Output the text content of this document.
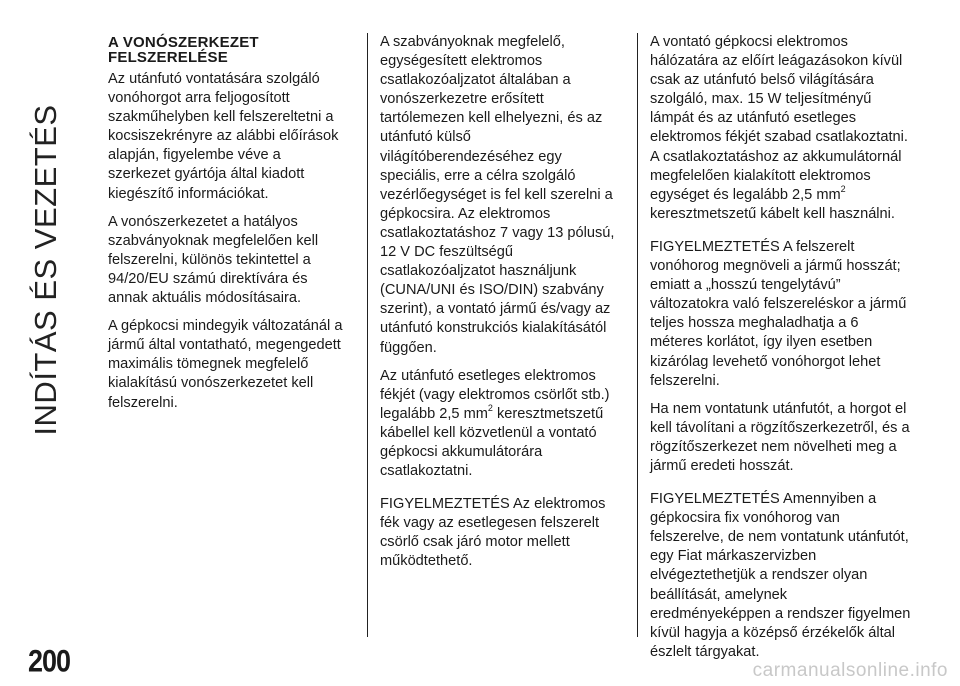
INDÍTÁS ÉS VEZETÉS
200
A VONÓSZERKEZET
FELSZERELÉSE

Az utánfutó vontatására szolgáló vonóhorgot arra feljogosított szakműhelyben kell felszereltetni a kocsiszekrényre az alábbi előírások alapján, figyelembe véve a szerkezet gyártója által kiadott kiegészítő információkat.

A vonószerkezetet a hatályos szabványoknak megfelelően kell felszerelni, különös tekintettel a 94/20/EU számú direktívára és annak aktuális módosításaira.

A gépkocsi mindegyik változatánál a jármű által vontatható, megengedett maximális tömegnek megfelelő kialakítású vonószerkezetet kell felszerelni.

A szabványoknak megfelelő, egységesített elektromos csatlakozóaljzatot általában a vonószerkezetre erősített tartólemezen kell elhelyezni, és az utánfutó külső világítóberendezéséhez egy speciális, erre a célra szolgáló vezérlőegységet is fel kell szerelni a gépkocsira. Az elektromos csatlakoztatáshoz 7 vagy 13 pólusú, 12 V DC feszültségű csatlakozóaljzatot használjunk (CUNA/UNI és ISO/DIN) szabvány szerint), a vontató jármű és/vagy az utánfutó konstrukciós kialakításától függően.

Az utánfutó esetleges elektromos fékjét (vagy elektromos csörlőt stb.) legalább 2,5 $mm^2$ keresztmetszetű kábellel kell közvetlenül a vontató gépkocsi akkumulátorára csatlakoztatni.

FIGYELMEZTETÉS Az elektromos fék vagy az esetlegesen felszerelt csörlő csak járó motor mellett működtethető.

A vontató gépkocsi elektromos hálózatára az előírt leágazásokon kívül csak az utánfutó belső világítására szolgáló, max. 15 W teljesítményű lámpát és az utánfutó esetleges elektromos fékjét szabad csatlakoztatni. A csatlakoztatáshoz az akkumulátornál megfelelően kialakított elektromos egységet és legalább 2,5 $mm^2$ keresztmetszetű kábelt kell használni.

FIGYELMEZTETÉS A felszerelt vonóhorog megnöveli a jármű hosszát; emiatt a „hosszú tengelytávú” változatokra való felszereléskor a jármű teljes hossza meghaladhatja a 6 méteres korlátot, így ilyen esetben kizárólag levehető vonóhorgot lehet felszerelni.

Ha nem vontatunk utánfutót, a horgot el kell távolítani a rögzítőszerkezetről, és a rögzítőszerkezet nem növelheti meg a jármű eredeti hosszát.

FIGYELMEZTETÉS Amennyiben a gépkocsira fix vonóhorog van felszerelve, de nem vontatunk utánfutót, egy Fiat márkaszervizben elvégeztethetjük a rendszer olyan beállítását, amelynek eredményeképpen a rendszer figyelmen kívül hagyja a középső érzékelők által észlelt tárgyakat.

carmanualsonline.info
